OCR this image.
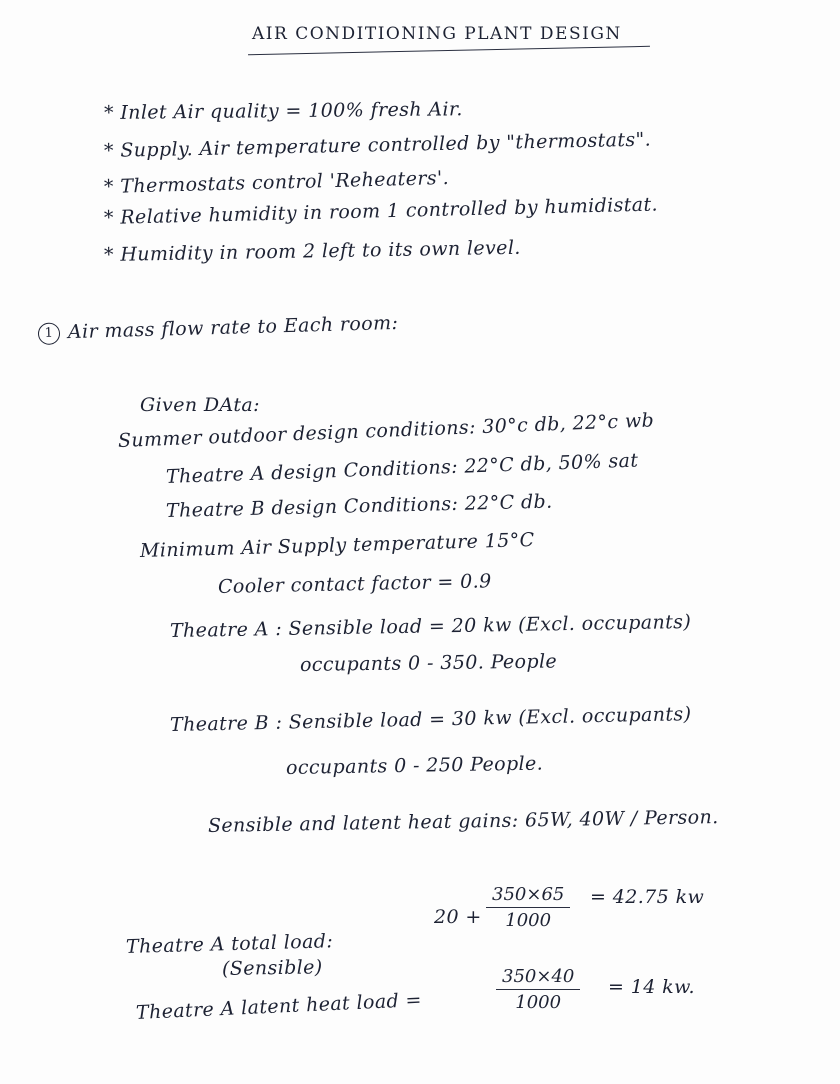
AIR CONDITIONING PLANT DESIGN
* Inlet Air quality = 100% fresh Air.
* Supply. Air temperature controlled by "thermostats".
* Thermostats control 'Reheaters'.
* Relative humidity in room 1 controlled by humidistat.
* Humidity in room 2 left to its own level.
1 Air mass flow rate to Each room:
Given DAta:
Summer outdoor design conditions: 30°c db, 22°c wb
Theatre A design Conditions: 22°C db, 50% sat
Theatre B design Conditions: 22°C db.
Minimum Air Supply temperature 15°C
Cooler contact factor = 0.9
Theatre A : Sensible load = 20 kw (Excl. occupants)
occupants 0 - 350. People
Theatre B : Sensible load = 30 kw (Excl. occupants)
occupants 0 - 250 People.
Sensible and latent heat gains: 65W, 40W / Person.
Theatre A total load:
(Sensible)
20 +
350×65
1000
= 42.75 kw
Theatre A latent heat load =
350×40
1000
= 14 kw.
